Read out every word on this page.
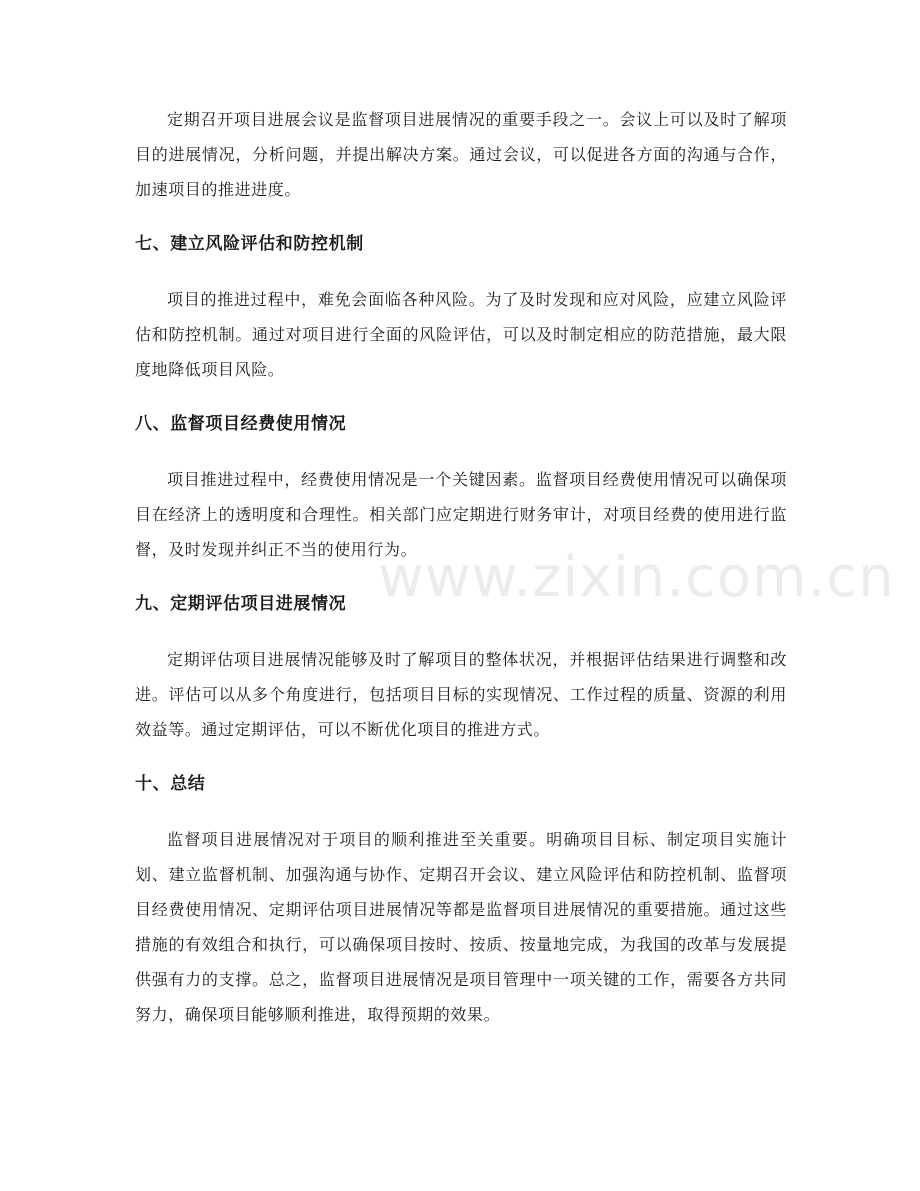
定期召开项目进展会议是监督项目进展情况的重要手段之一。会议上可以及时了解项目的进展情况，分析问题，并提出解决方案。通过会议，可以促进各方面的沟通与合作，加速项目的推进进度。

七、建立风险评估和防控机制

项目的推进过程中，难免会面临各种风险。为了及时发现和应对风险，应建立风险评估和防控机制。通过对项目进行全面的风险评估，可以及时制定相应的防范措施，最大限度地降低项目风险。

八、监督项目经费使用情况

项目推进过程中，经费使用情况是一个关键因素。监督项目经费使用情况可以确保项目在经济上的透明度和合理性。相关部门应定期进行财务审计，对项目经费的使用进行监督，及时发现并纠正不当的使用行为。

九、定期评估项目进展情况

定期评估项目进展情况能够及时了解项目的整体状况，并根据评估结果进行调整和改进。评估可以从多个角度进行，包括项目目标的实现情况、工作过程的质量、资源的利用效益等。通过定期评估，可以不断优化项目的推进方式。

十、总结

监督项目进展情况对于项目的顺利推进至关重要。明确项目目标、制定项目实施计划、建立监督机制、加强沟通与协作、定期召开会议、建立风险评估和防控机制、监督项目经费使用情况、定期评估项目进展情况等都是监督项目进展情况的重要措施。通过这些措施的有效组合和执行，可以确保项目按时、按质、按量地完成，为我国的改革与发展提供强有力的支撑。总之，监督项目进展情况是项目管理中一项关键的工作，需要各方共同努力，确保项目能够顺利推进，取得预期的效果。

www.zixin.com.cn
